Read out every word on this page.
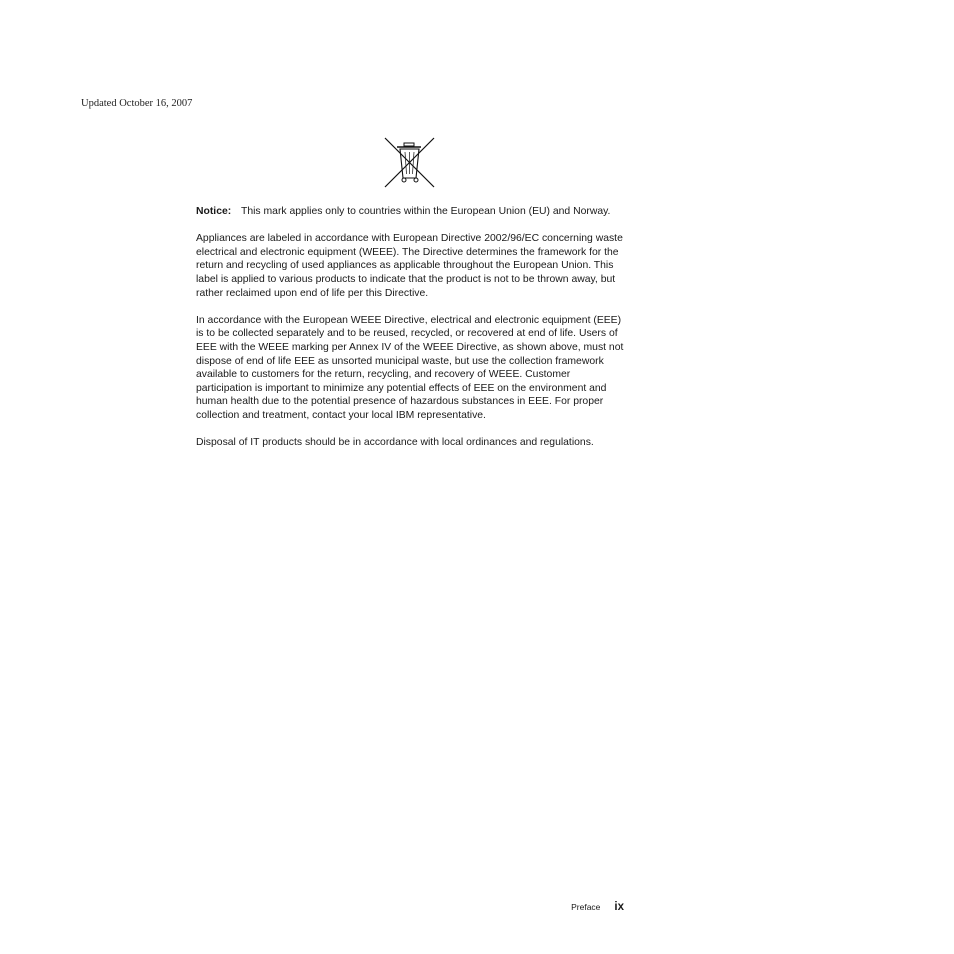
Updated October 16, 2007
Notice: This mark applies only to countries within the European Union (EU) and Norway.

Appliances are labeled in accordance with European Directive 2002/96/EC concerning waste electrical and electronic equipment (WEEE). The Directive determines the framework for the return and recycling of used appliances as applicable throughout the European Union. This label is applied to various products to indicate that the product is not to be thrown away, but rather reclaimed upon end of life per this Directive.

In accordance with the European WEEE Directive, electrical and electronic equipment (EEE) is to be collected separately and to be reused, recycled, or recovered at end of life. Users of EEE with the WEEE marking per Annex IV of the WEEE Directive, as shown above, must not dispose of end of life EEE as unsorted municipal waste, but use the collection framework available to customers for the return, recycling, and recovery of WEEE. Customer participation is important to minimize any potential effects of EEE on the environment and human health due to the potential presence of hazardous substances in EEE. For proper collection and treatment, contact your local IBM representative.

Disposal of IT products should be in accordance with local ordinances and regulations.

Preface ix
